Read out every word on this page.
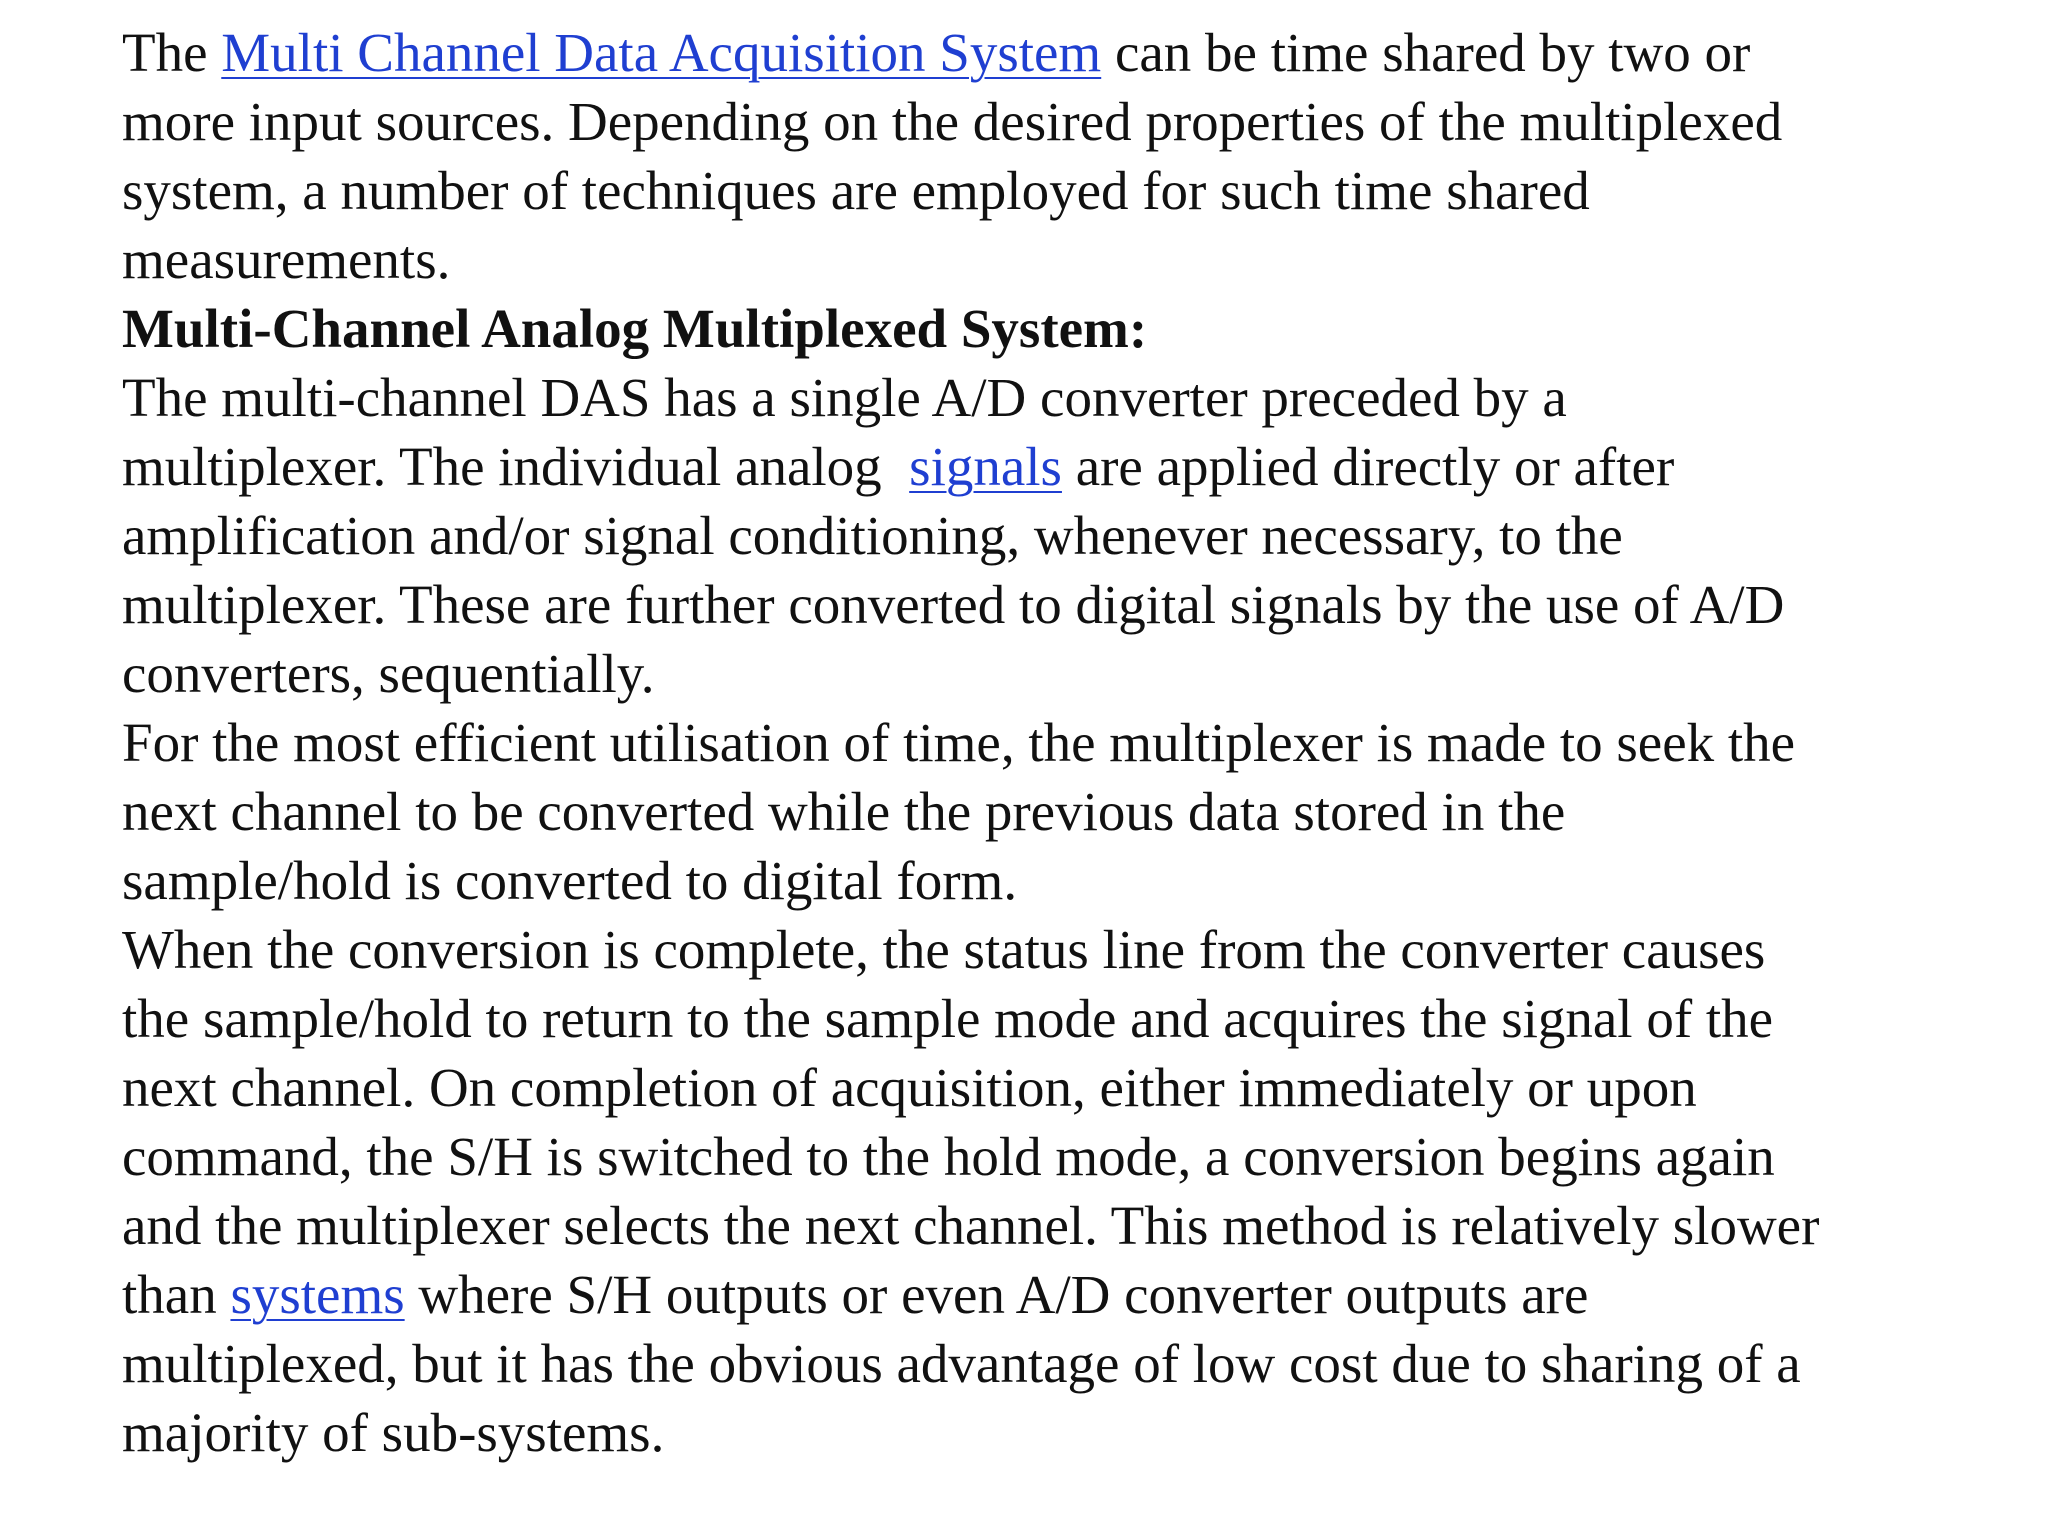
The Multi Channel Data Acquisition System can be time shared by two or
more input sources. Depending on the desired properties of the multiplexed
system, a number of techniques are employed for such time shared
measurements.

Multi-Channel Analog Multiplexed System:

The multi-channel DAS has a single A/D converter preceded by a
multiplexer. The individual analog  signals are applied directly or after
amplification and/or signal conditioning, whenever necessary, to the
multiplexer. These are further converted to digital signals by the use of A/D
converters, sequentially.

For the most efficient utilisation of time, the multiplexer is made to seek the
next channel to be converted while the previous data stored in the
sample/hold is converted to digital form.

When the conversion is complete, the status line from the converter causes
the sample/hold to return to the sample mode and acquires the signal of the
next channel. On completion of acquisition, either immediately or upon
command, the S/H is switched to the hold mode, a conversion begins again
and the multiplexer selects the next channel. This method is relatively slower
than systems where S/H outputs or even A/D converter outputs are
multiplexed, but it has the obvious advantage of low cost due to sharing of a
majority of sub-systems.
